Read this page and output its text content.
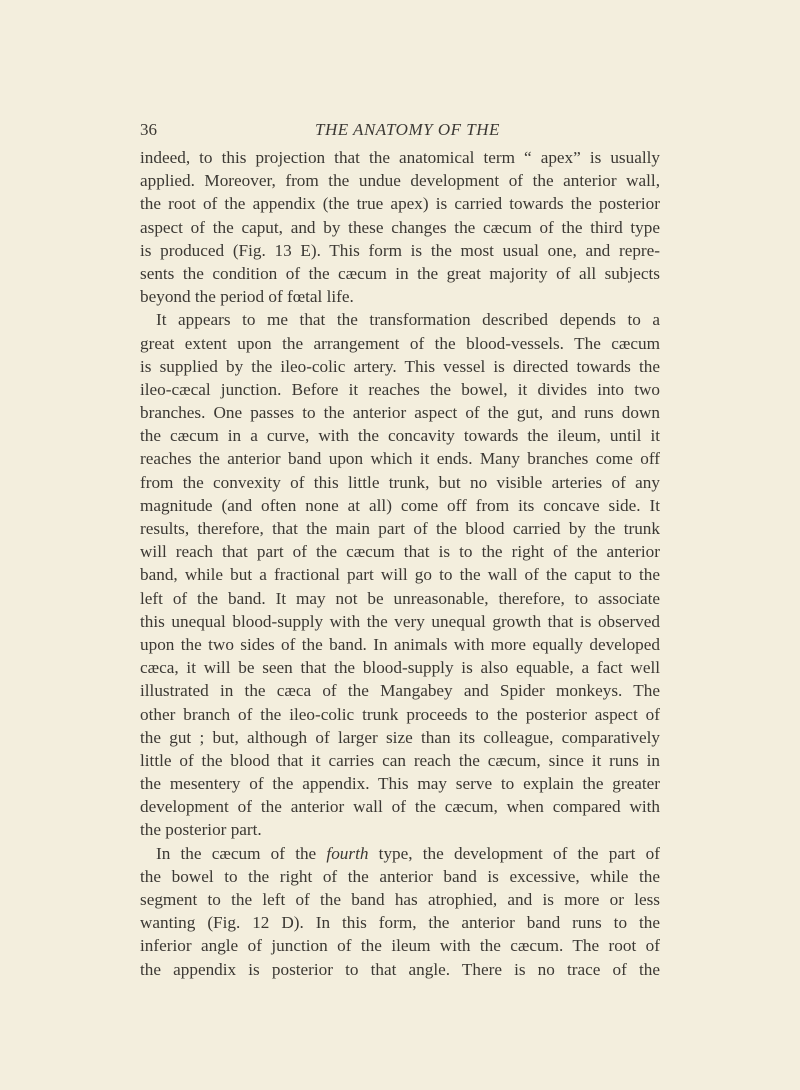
36	THE ANATOMY OF THE
indeed, to this projection that the anatomical term “ apex” is usually
applied. Moreover, from the undue development of the anterior wall,
the root of the appendix (the true apex) is carried towards the posterior
aspect of the caput, and by these changes the cæcum of the third type
is produced (Fig. 13 E). This form is the most usual one, and repre-
sents the condition of the cæcum in the great majority of all subjects
beyond the period of fœtal life.
It appears to me that the transformation described depends to a
great extent upon the arrangement of the blood-vessels. The cæcum
is supplied by the ileo-colic artery. This vessel is directed towards the
ileo-cæcal junction. Before it reaches the bowel, it divides into two
branches. One passes to the anterior aspect of the gut, and runs down
the cæcum in a curve, with the concavity towards the ileum, until it
reaches the anterior band upon which it ends. Many branches come off
from the convexity of this little trunk, but no visible arteries of any
magnitude (and often none at all) come off from its concave side. It
results, therefore, that the main part of the blood carried by the trunk
will reach that part of the cæcum that is to the right of the anterior
band, while but a fractional part will go to the wall of the caput to the
left of the band. It may not be unreasonable, therefore, to associate
this unequal blood-supply with the very unequal growth that is observed
upon the two sides of the band. In animals with more equally developed
cæca, it will be seen that the blood-supply is also equable, a fact well
illustrated in the cæca of the Mangabey and Spider monkeys. The
other branch of the ileo-colic trunk proceeds to the posterior aspect of
the gut ; but, although of larger size than its colleague, comparatively
little of the blood that it carries can reach the cæcum, since it runs in
the mesentery of the appendix. This may serve to explain the greater
development of the anterior wall of the cæcum, when compared with
the posterior part.
In the cæcum of the fourth type, the development of the part of
the bowel to the right of the anterior band is excessive, while the
segment to the left of the band has atrophied, and is more or less
wanting (Fig. 12 D). In this form, the anterior band runs to the
inferior angle of junction of the ileum with the cæcum. The root of
the appendix is posterior to that angle. There is no trace of the
